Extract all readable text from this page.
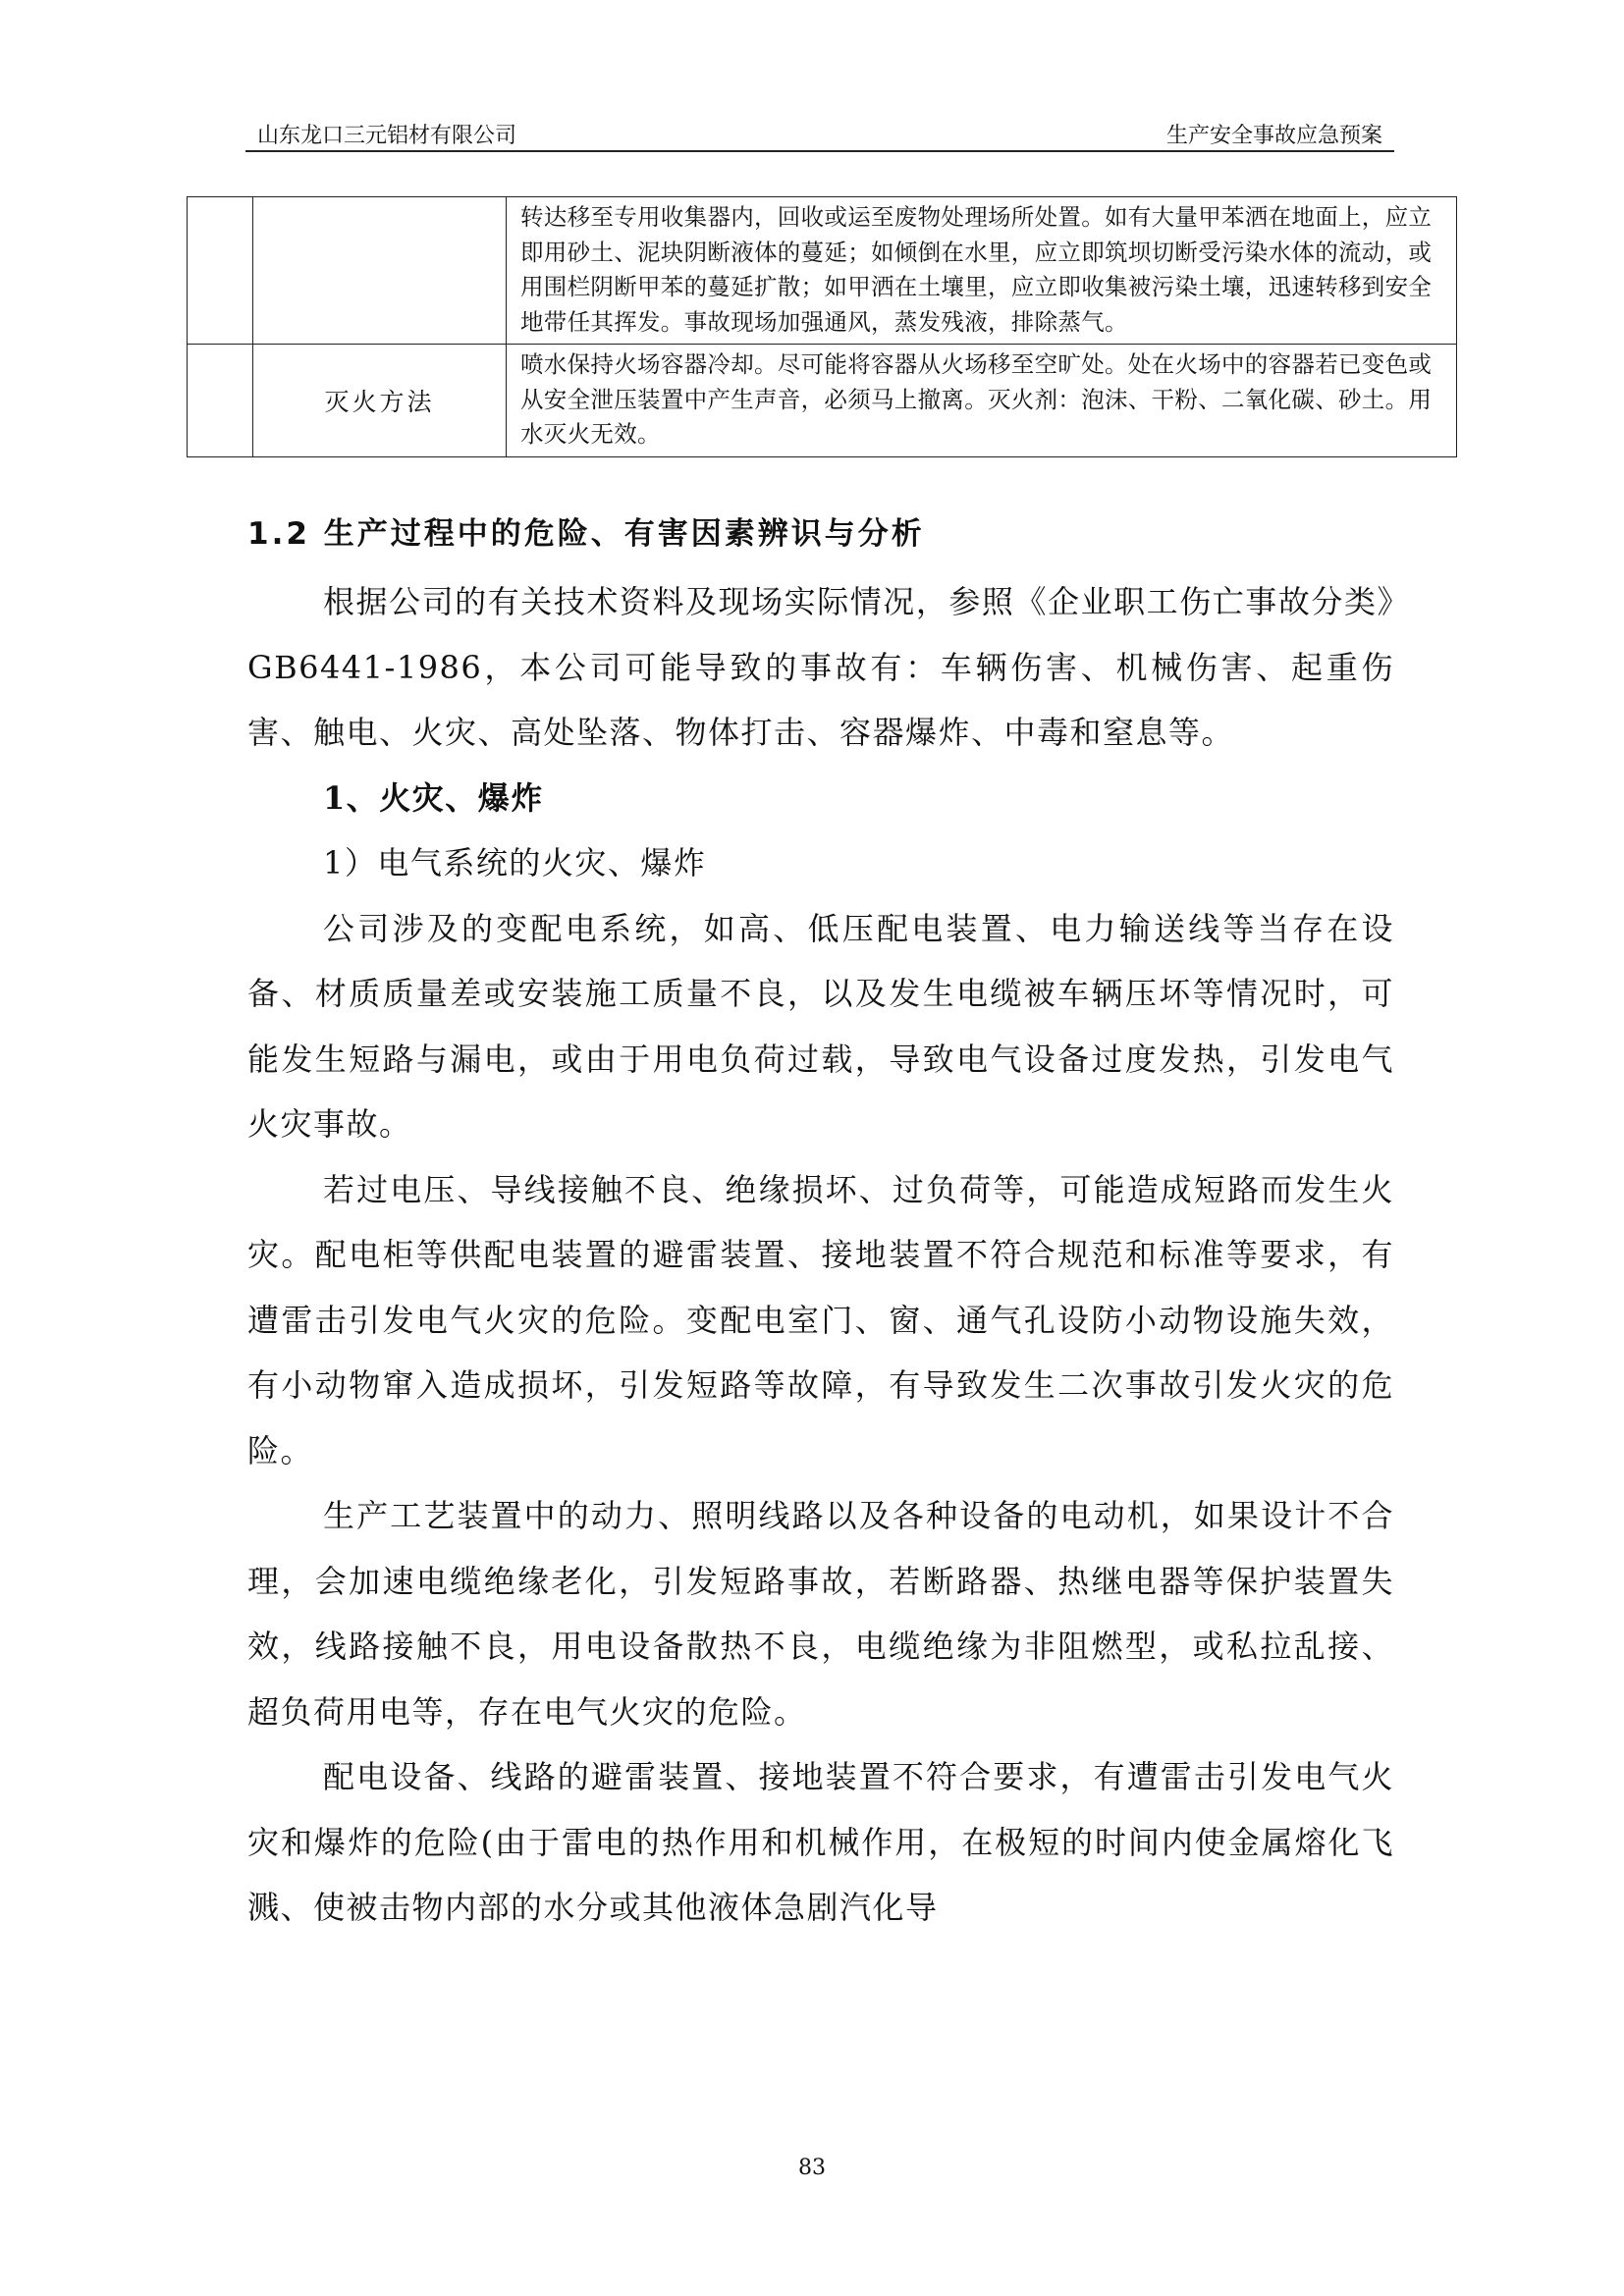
山东龙口三元铝材有限公司	生产安全事故应急预案
		转达移至专用收集器内，回收或运至废物处理场所处置。如有大量甲苯洒在地面上，应立即用砂土、泥块阴断液体的蔓延；如倾倒在水里，应立即筑坝切断受污染水体的流动，或用围栏阴断甲苯的蔓延扩散；如甲洒在土壤里，应立即收集被污染土壤，迅速转移到安全地带任其挥发。事故现场加强通风，蒸发残液，排除蒸气。
	灭火方法	喷水保持火场容器冷却。尽可能将容器从火场移至空旷处。处在火场中的容器若已变色或从安全泄压装置中产生声音，必须马上撤离。灭火剂：泡沫、干粉、二氧化碳、砂土。用水灭火无效。
1.2 生产过程中的危险、有害因素辨识与分析

根据公司的有关技术资料及现场实际情况，参照《企业职工伤亡事故分类》GB6441-1986，本公司可能导致的事故有：车辆伤害、机械伤害、起重伤害、触电、火灾、高处坠落、物体打击、容器爆炸、中毒和窒息等。

1、火灾、爆炸

1）电气系统的火灾、爆炸

公司涉及的变配电系统，如高、低压配电装置、电力输送线等当存在设备、材质质量差或安装施工质量不良，以及发生电缆被车辆压坏等情况时，可能发生短路与漏电，或由于用电负荷过载，导致电气设备过度发热，引发电气火灾事故。

若过电压、导线接触不良、绝缘损坏、过负荷等，可能造成短路而发生火灾。配电柜等供配电装置的避雷装置、接地装置不符合规范和标准等要求，有遭雷击引发电气火灾的危险。变配电室门、窗、通气孔设防小动物设施失效，有小动物窜入造成损坏，引发短路等故障，有导致发生二次事故引发火灾的危险。

生产工艺装置中的动力、照明线路以及各种设备的电动机，如果设计不合理，会加速电缆绝缘老化，引发短路事故，若断路器、热继电器等保护装置失效，线路接触不良，用电设备散热不良，电缆绝缘为非阻燃型，或私拉乱接、超负荷用电等，存在电气火灾的危险。

配电设备、线路的避雷装置、接地装置不符合要求，有遭雷击引发电气火灾和爆炸的危险(由于雷电的热作用和机械作用，在极短的时间内使金属熔化飞溅、使被击物内部的水分或其他液体急剧汽化导

83
